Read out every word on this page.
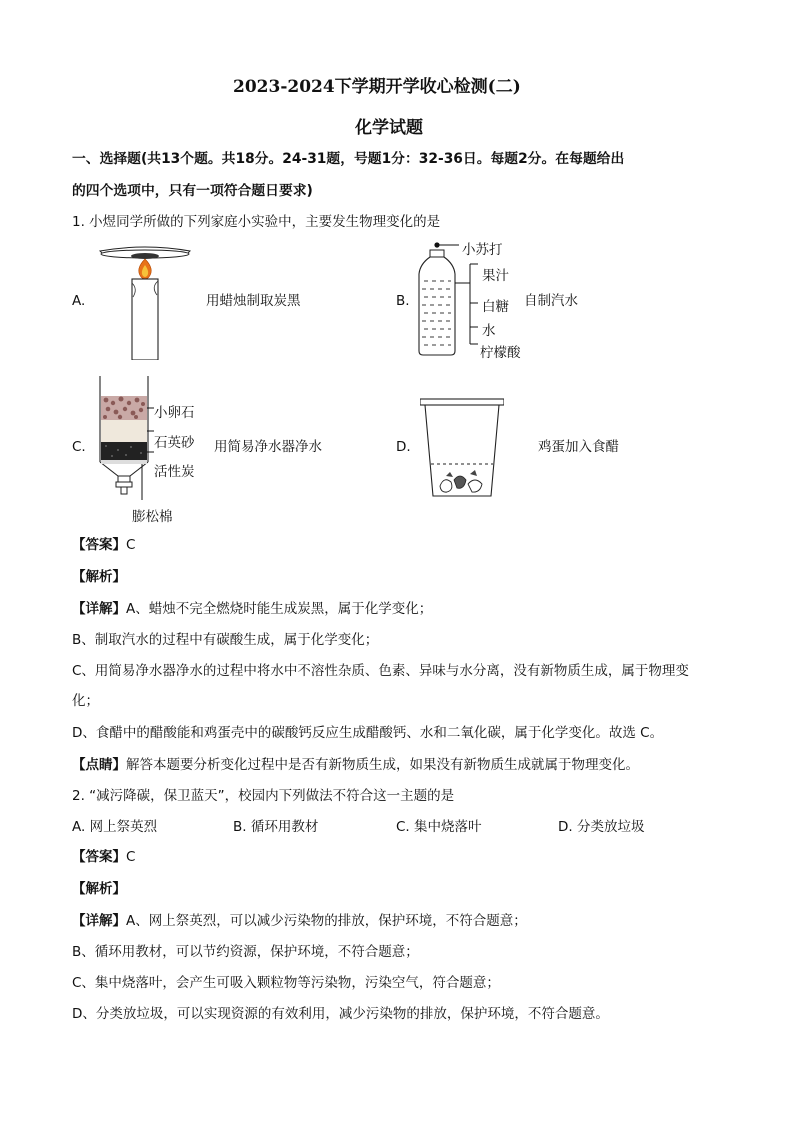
2023-2024下学期开学收心检测(二)
化学试题
一、选择题(共13个题。共18分。24-31题，号题1分：32-36日。每题2分。在每题给出
的四个选项中，只有一项符合题日要求)
1. 小煜同学所做的下列家庭小实验中，主要发生物理变化的是
A.	用蜡烛制取炭黑	B.
小苏打
果汁
白糖
水
柠檬酸
自制汽水
C.
小卵石
石英砂
活性炭
膨松棉
用简易净水器净水	D.	鸡蛋加入食醋
【答案】C
【解析】
【详解】A、蜡烛不完全燃烧时能生成炭黑，属于化学变化；
B、制取汽水的过程中有碳酸生成，属于化学变化；
C、用简易净水器净水的过程中将水中不溶性杂质、色素、异味与水分离，没有新物质生成，属于物理变
化；
D、食醋中的醋酸能和鸡蛋壳中的碳酸钙反应生成醋酸钙、水和二氧化碳，属于化学变化。故选 C。
【点睛】解答本题要分析变化过程中是否有新物质生成，如果没有新物质生成就属于物理变化。
2. “减污降碳，保卫蓝天”，校园内下列做法不符合这一主题的是
A. 网上祭英烈	B. 循环用教材	C. 集中烧落叶	D. 分类放垃圾
【答案】C
【解析】
【详解】A、网上祭英烈，可以减少污染物的排放，保护环境，不符合题意；
B、循环用教材，可以节约资源，保护环境，不符合题意；
C、集中烧落叶，会产生可吸入颗粒物等污染物，污染空气，符合题意；
D、分类放垃圾，可以实现资源的有效利用，减少污染物的排放，保护环境，不符合题意。
